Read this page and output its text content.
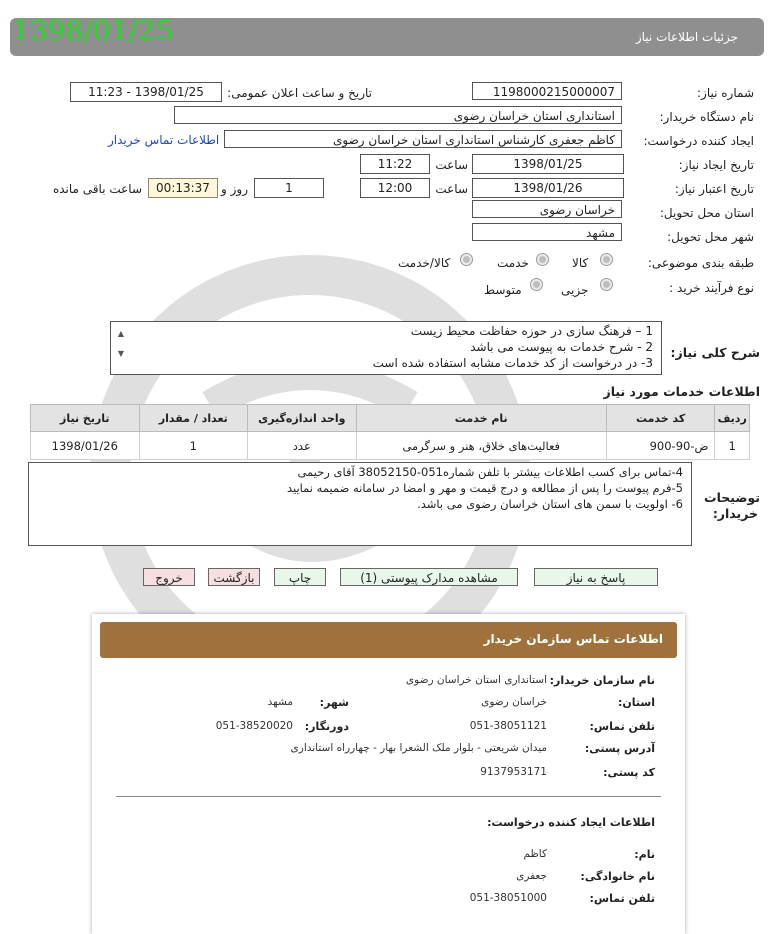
جزئیات اطلاعات نیاز
1398/01/25
شماره نیاز:
1198000215000007
تاریخ و ساعت اعلان عمومی:
1398/01/25 - 11:23
نام دستگاه خریدار:
استانداری استان خراسان رضوی
ایجاد کننده درخواست:
کاظم جعفری کارشناس استانداری استان خراسان رضوی
اطلاعات تماس خریدار
تاریخ ایجاد نیاز:
1398/01/25
ساعت
11:22
تاریخ اعتبار نیاز:
1398/01/26
ساعت
12:00
1
روز و
00:13:37
ساعت باقی مانده
استان محل تحویل:
خراسان رضوی
شهر محل تحویل:
مشهد
طبقه بندی موضوعی:
کالا
خدمت
کالا/خدمت
نوع فرآیند خرید :
جزیی
متوسط
شرح کلی نیاز:
1 – فرهنگ سازی در حوزه حفاظت محیط زیست
2 - شرح خدمات به پیوست می باشد
3- در درخواست از کد خدمات مشابه استفاده شده است
▲
▼
اطلاعات خدمات مورد نیاز
ردیف	کد خدمت	نام خدمت	واحد اندازه‌گیری	تعداد / مقدار	تاریخ نیاز
1	ض-90-900	فعالیت‌های خلاق، هنر و سرگرمی	عدد	1	1398/01/26
توضیحات
خریدار:
4-تماس برای کسب اطلاعات بیشتر با تلفن شماره051-38052150 آقای رحیمی
5-فرم پیوست را پس از مطالعه و درج قیمت و مهر و امضا در سامانه ضمیمه نمایید
6- اولویت با سمن های استان خراسان رضوی می باشد.
پاسخ به نیاز
مشاهده مدارک پیوستی (1)
چاپ
بازگشت
خروج
اطلاعات تماس سازمان خریدار
نام سازمان خریدار:
استانداری استان خراسان رضوی
استان:
خراسان رضوی
شهر:
مشهد
تلفن تماس:
051-38051121
دورنگار:
051-38520020
آدرس پستی:
میدان شریعتی - بلوار ملک الشعرا بهار - چهارراه استانداری
کد پستی:
9137953171
اطلاعات ایجاد کننده درخواست:
نام:
کاظم
نام خانوادگی:
جعفری
تلفن تماس:
051-38051000
